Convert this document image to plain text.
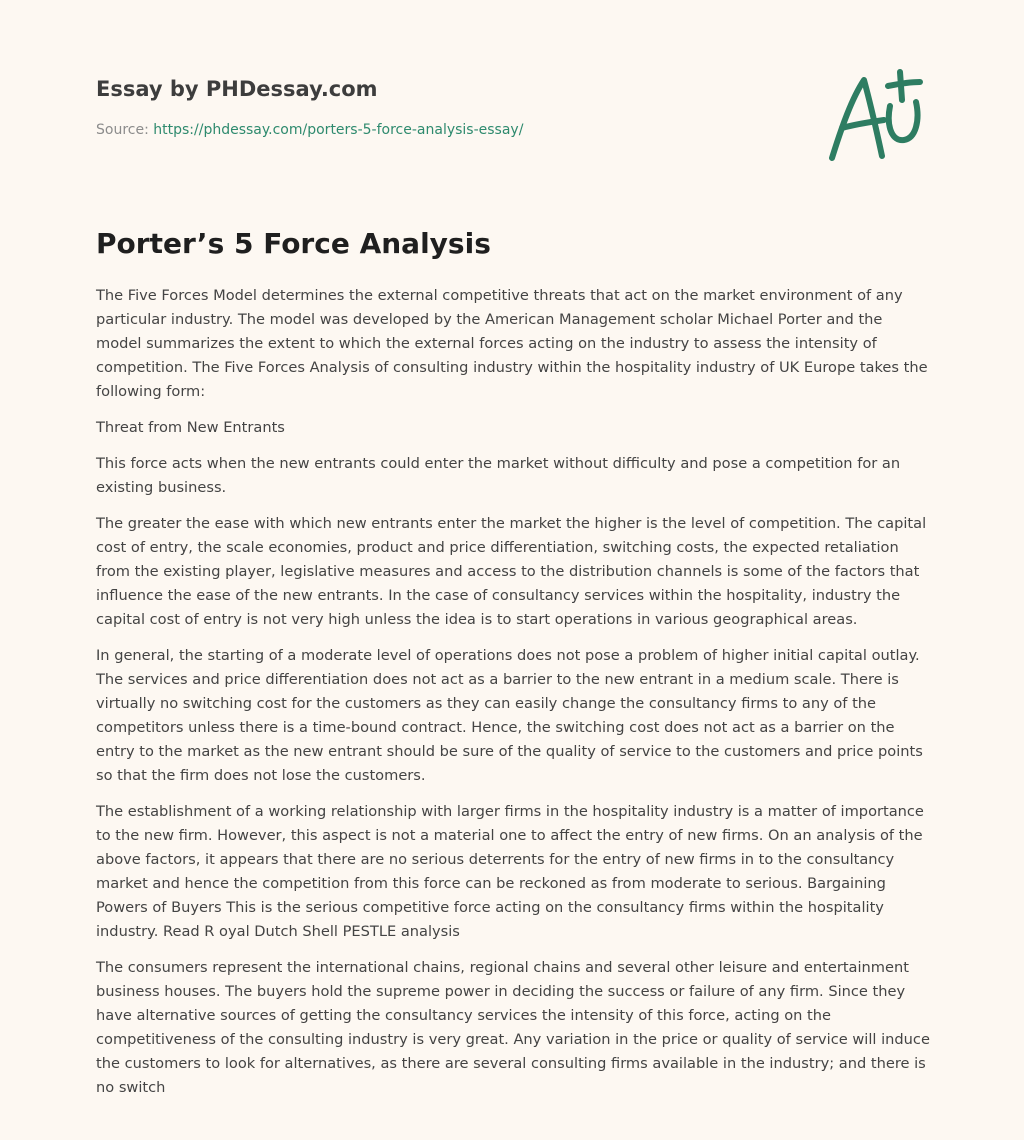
Essay by PHDessay.com
Source: https://phdessay.com/porters-5-force-analysis-essay/
Porter’s 5 Force Analysis

The Five Forces Model determines the external competitive threats that act on the market environment of any particular industry. The model was developed by the American Management scholar Michael Porter and the model summarizes the extent to which the external forces acting on the industry to assess the intensity of competition. The Five Forces Analysis of consulting industry within the hospitality industry of UK Europe takes the following form:

Threat from New Entrants

This force acts when the new entrants could enter the market without difficulty and pose a competition for an existing business.

The greater the ease with which new entrants enter the market the higher is the level of competition. The capital cost of entry, the scale economies, product and price differentiation, switching costs, the expected retaliation from the existing player, legislative measures and access to the distribution channels is some of the factors that influence the ease of the new entrants. In the case of consultancy services within the hospitality, industry the capital cost of entry is not very high unless the idea is to start operations in various geographical areas.

In general, the starting of a moderate level of operations does not pose a problem of higher initial capital outlay. The services and price differentiation does not act as a barrier to the new entrant in a medium scale. There is virtually no switching cost for the customers as they can easily change the consultancy firms to any of the competitors unless there is a time-bound contract. Hence, the switching cost does not act as a barrier on the entry to the market as the new entrant should be sure of the quality of service to the customers and price points so that the firm does not lose the customers.

The establishment of a working relationship with larger firms in the hospitality industry is a matter of importance to the new firm. However, this aspect is not a material one to affect the entry of new firms. On an analysis of the above factors, it appears that there are no serious deterrents for the entry of new firms in to the consultancy market and hence the competition from this force can be reckoned as from moderate to serious. Bargaining Powers of Buyers This is the serious competitive force acting on the consultancy firms within the hospitality industry. Read R oyal Dutch Shell PESTLE analysis

The consumers represent the international chains, regional chains and several other leisure and entertainment business houses. The buyers hold the supreme power in deciding the success or failure of any firm. Since they have alternative sources of getting the consultancy services the intensity of this force, acting on the competitiveness of the consulting industry is very great. Any variation in the price or quality of service will induce the customers to look for alternatives, as there are several consulting firms available in the industry; and there is no switch
